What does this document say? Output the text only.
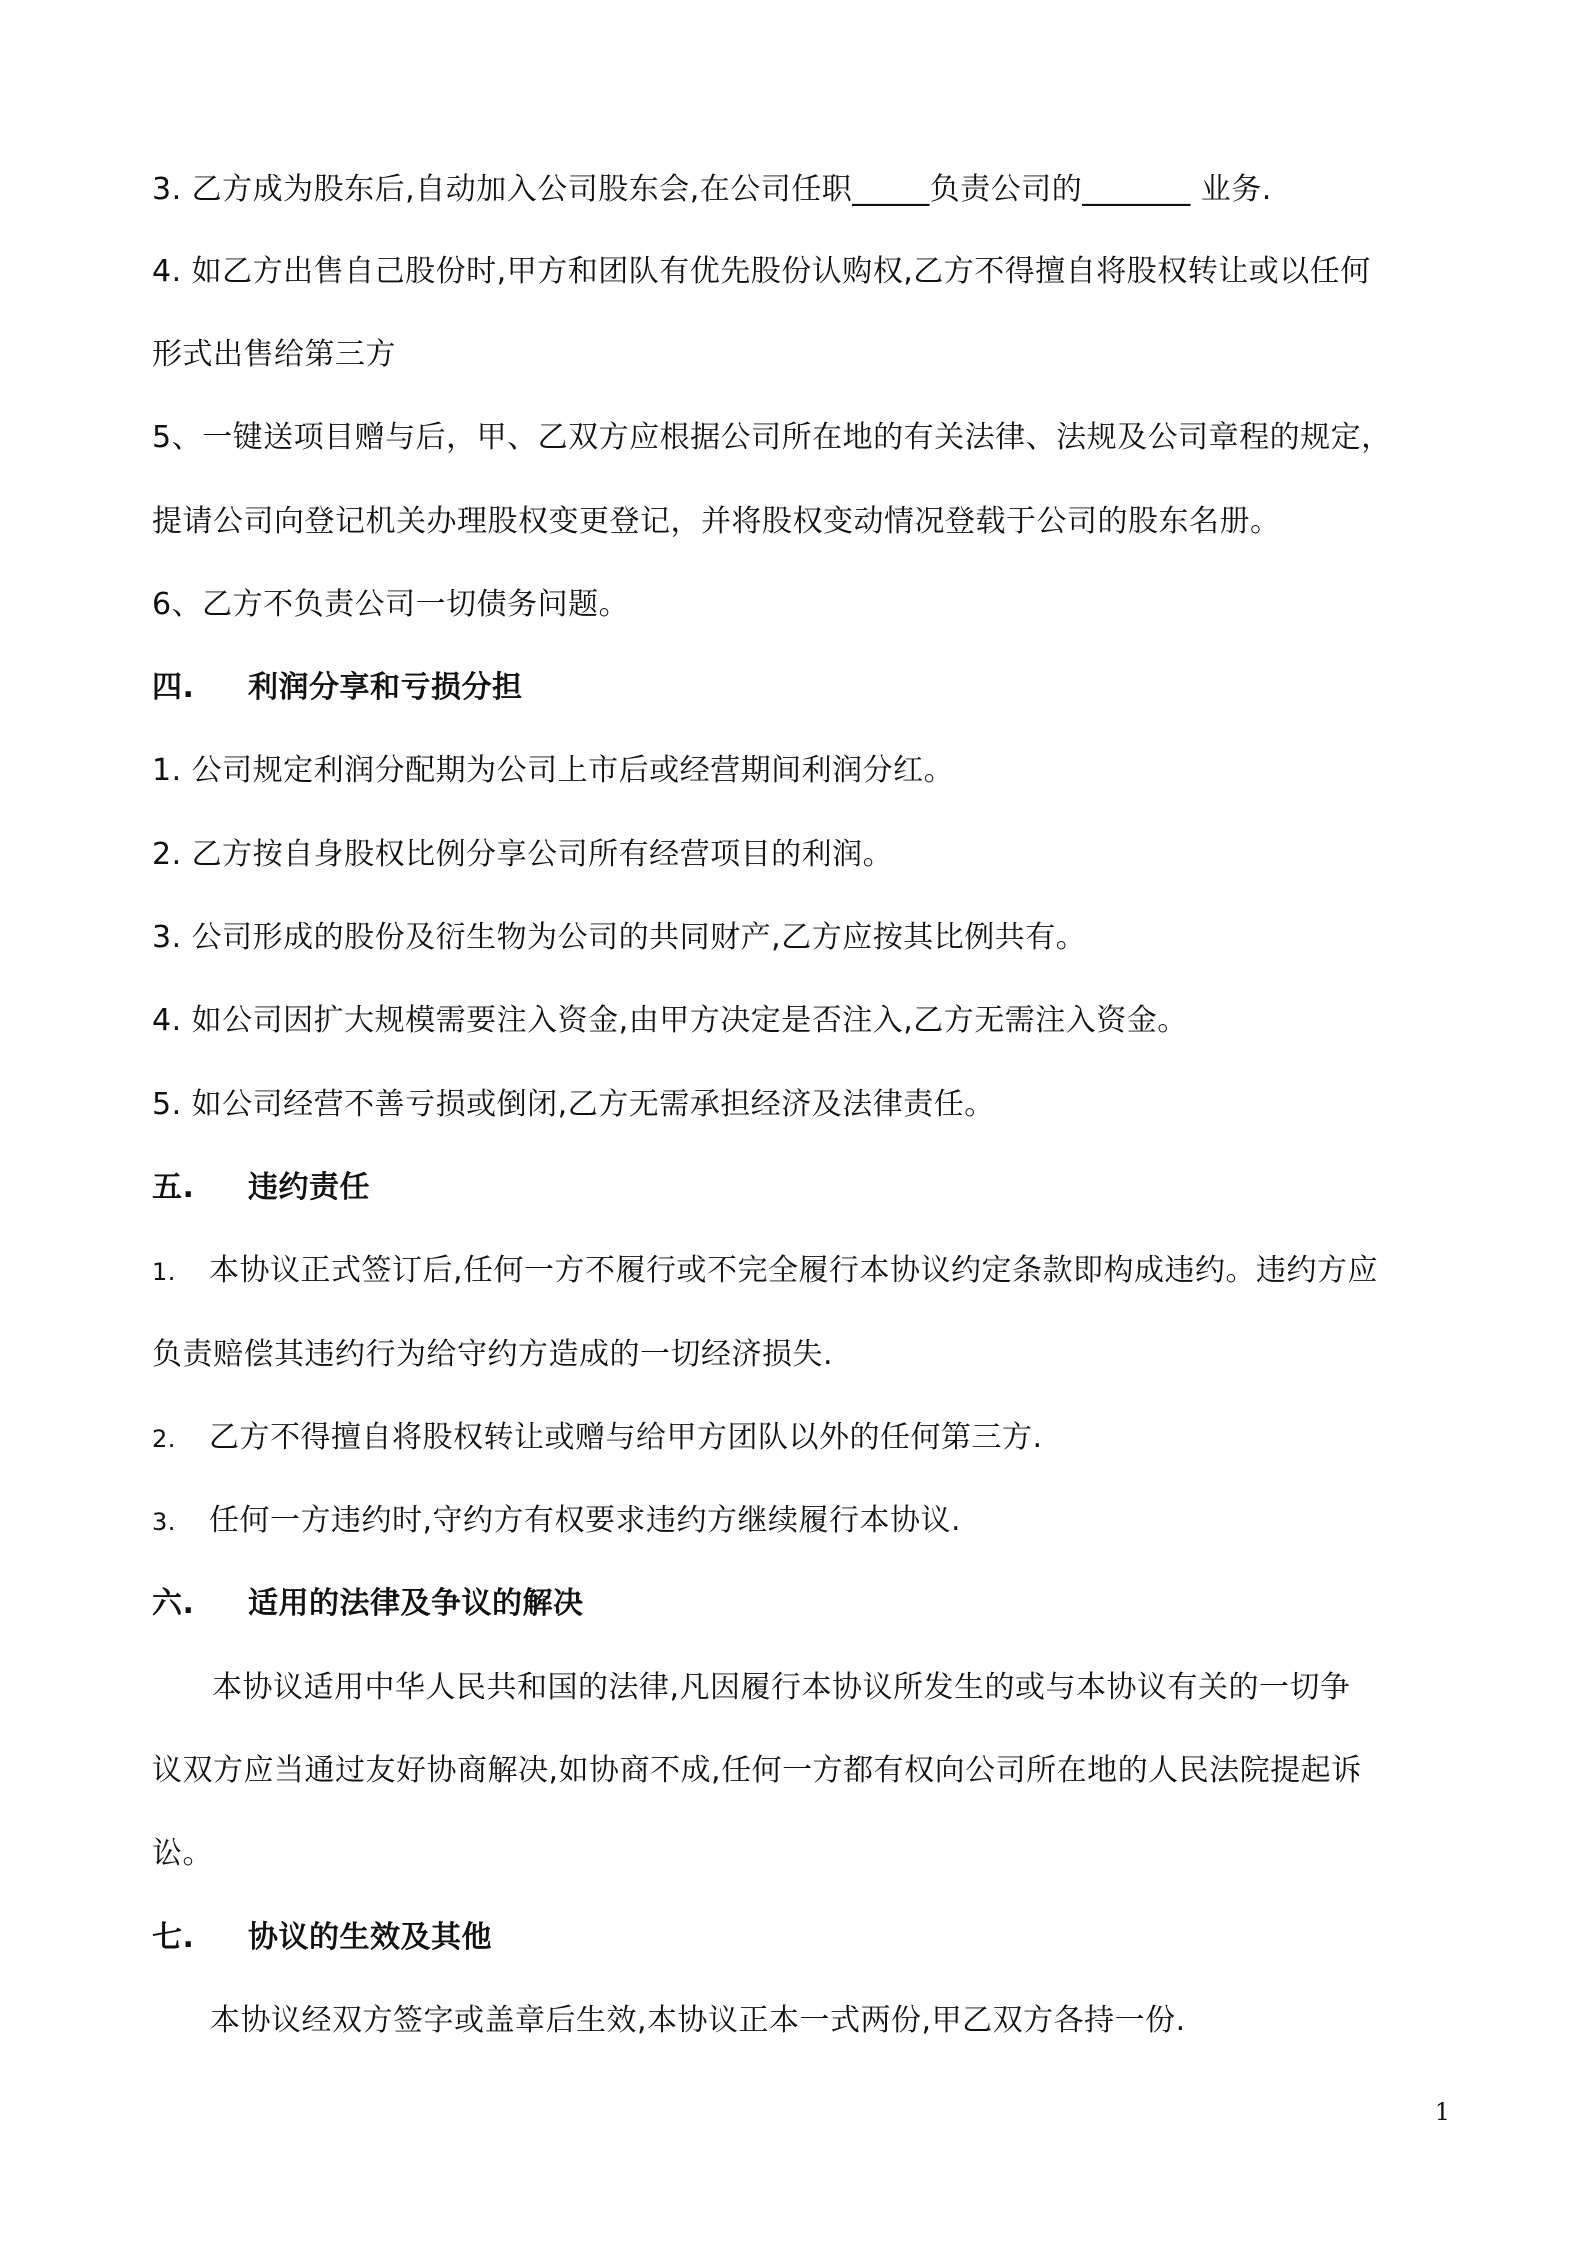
3. 乙方成为股东后,自动加入公司股东会,在公司任职_____负责公司的_______ 业务.
4. 如乙方出售自己股份时,甲方和团队有优先股份认购权,乙方不得擅自将股权转让或以任何
形式出售给第三方
5、一键送项目赠与后，甲、乙双方应根据公司所在地的有关法律、法规及公司章程的规定，
提请公司向登记机关办理股权变更登记，并将股权变动情况登载于公司的股东名册。
6、乙方不负责公司一切债务问题。
四. 利润分享和亏损分担
1. 公司规定利润分配期为公司上市后或经营期间利润分红。
2. 乙方按自身股权比例分享公司所有经营项目的利润。
3. 公司形成的股份及衍生物为公司的共同财产,乙方应按其比例共有。
4. 如公司因扩大规模需要注入资金,由甲方决定是否注入,乙方无需注入资金。
5. 如公司经营不善亏损或倒闭,乙方无需承担经济及法律责任。
五. 违约责任
1. 本协议正式签订后,任何一方不履行或不完全履行本协议约定条款即构成违约。违约方应
负责赔偿其违约行为给守约方造成的一切经济损失.
2. 乙方不得擅自将股权转让或赠与给甲方团队以外的任何第三方.
3. 任何一方违约时,守约方有权要求违约方继续履行本协议.
六. 适用的法律及争议的解决
本协议适用中华人民共和国的法律,凡因履行本协议所发生的或与本协议有关的一切争
议双方应当通过友好协商解决,如协商不成,任何一方都有权向公司所在地的人民法院提起诉
讼。
七. 协议的生效及其他
本协议经双方签字或盖章后生效,本协议正本一式两份,甲乙双方各持一份.
1
